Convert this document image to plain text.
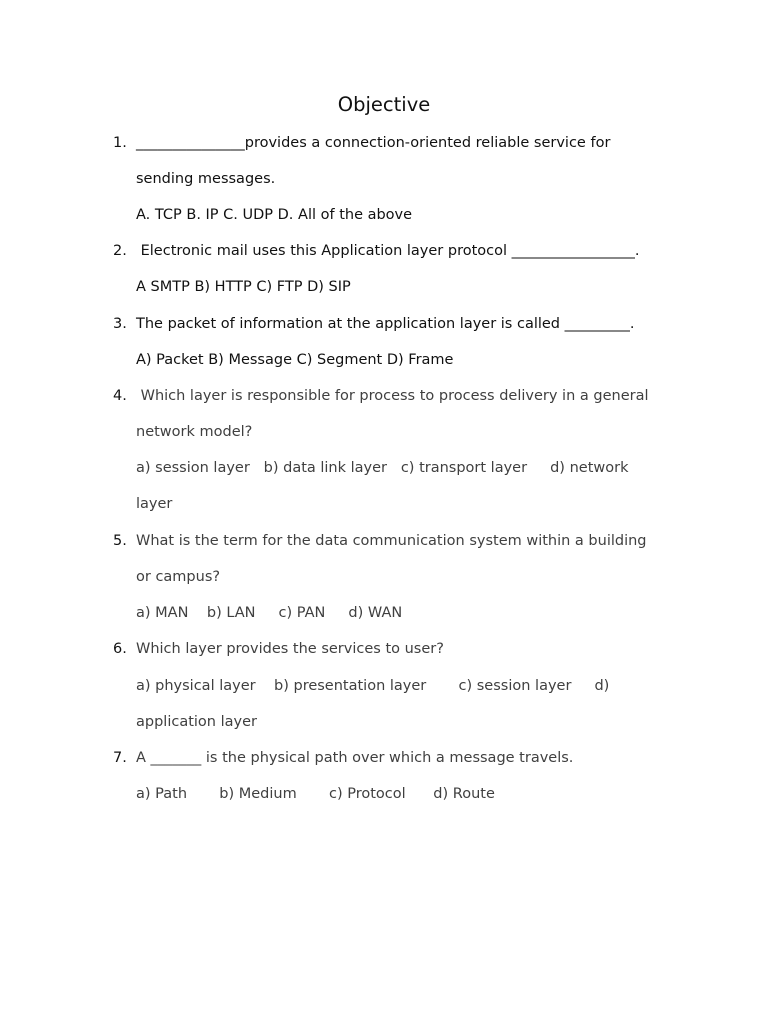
Objective
1. _______________provides a connection-oriented reliable service for
sending messages.
A. TCP B. IP C. UDP D. All of the above
2. Electronic mail uses this Application layer protocol _________________.
A SMTP B) HTTP C) FTP D) SIP
3. The packet of information at the application layer is called _________.
A) Packet B) Message C) Segment D) Frame
4. Which layer is responsible for process to process delivery in a general
network model?
a) session layer   b) data link layer   c) transport layer     d) network
layer
5. What is the term for the data communication system within a building
or campus?
a) MAN    b) LAN     c) PAN     d) WAN
6. Which layer provides the services to user?
a) physical layer    b) presentation layer       c) session layer     d)
application layer
7. A _______ is the physical path over which a message travels.
a) Path       b) Medium       c) Protocol      d) Route
